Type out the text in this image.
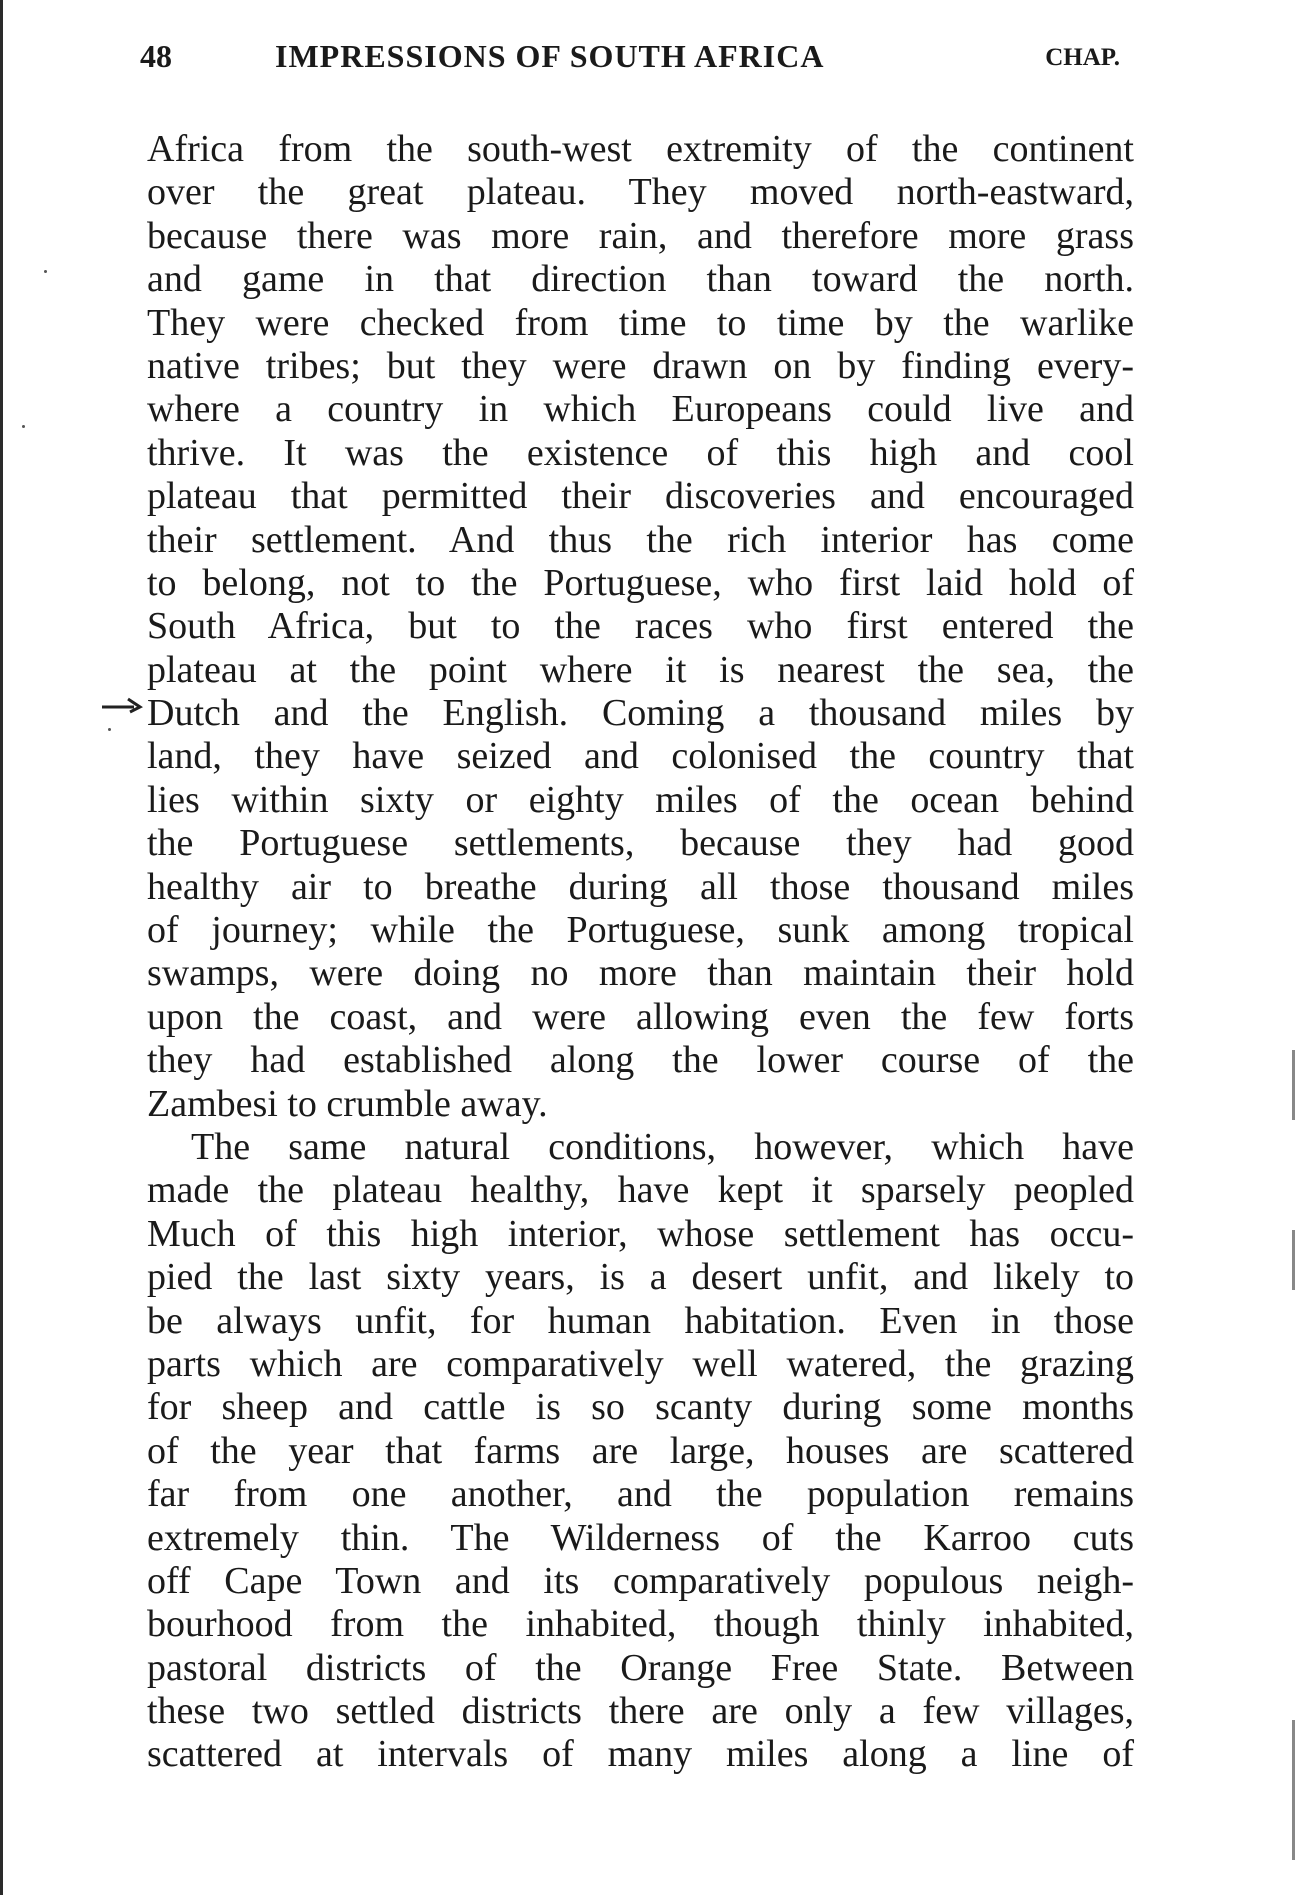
48	IMPRESSIONS OF SOUTH AFRICA	CHAP.
Africa from the south-west extremity of the continent
over the great plateau. They moved north-eastward,
because there was more rain, and therefore more grass
and game in that direction than toward the north.
They were checked from time to time by the warlike
native tribes; but they were drawn on by finding every-
where a country in which Europeans could live and
thrive. It was the existence of this high and cool
plateau that permitted their discoveries and encouraged
their settlement. And thus the rich interior has come
to belong, not to the Portuguese, who first laid hold of
South Africa, but to the races who first entered the
plateau at the point where it is nearest the sea, the
Dutch and the English. Coming a thousand miles by
land, they have seized and colonised the country that
lies within sixty or eighty miles of the ocean behind
the Portuguese settlements, because they had good
healthy air to breathe during all those thousand miles
of journey; while the Portuguese, sunk among tropical
swamps, were doing no more than maintain their hold
upon the coast, and were allowing even the few forts
they had established along the lower course of the
Zambesi to crumble away.
The same natural conditions, however, which have
made the plateau healthy, have kept it sparsely peopled
Much of this high interior, whose settlement has occu-
pied the last sixty years, is a desert unfit, and likely to
be always unfit, for human habitation. Even in those
parts which are comparatively well watered, the grazing
for sheep and cattle is so scanty during some months
of the year that farms are large, houses are scattered
far from one another, and the population remains
extremely thin. The Wilderness of the Karroo cuts
off Cape Town and its comparatively populous neigh-
bourhood from the inhabited, though thinly inhabited,
pastoral districts of the Orange Free State. Between
these two settled districts there are only a few villages,
scattered at intervals of many miles along a line of
